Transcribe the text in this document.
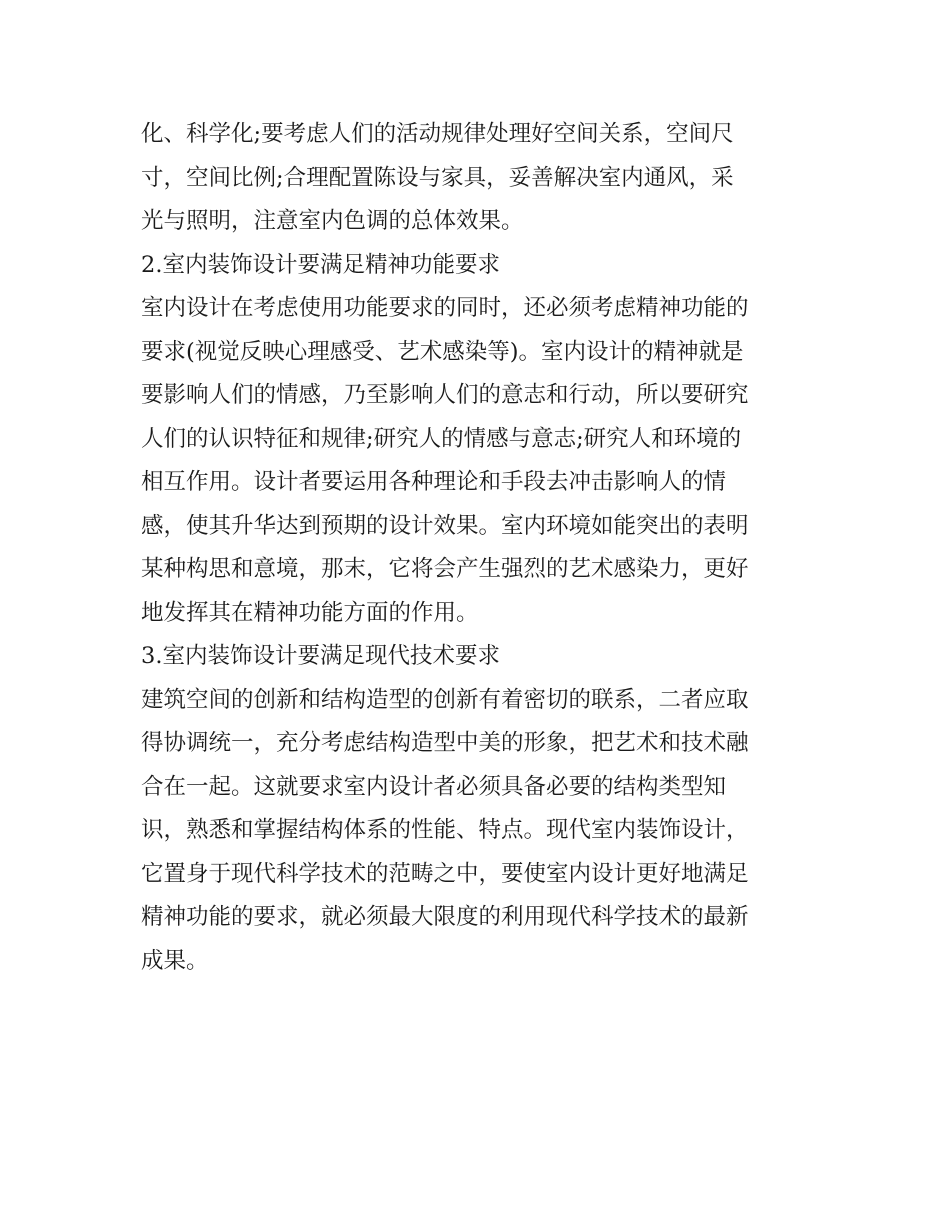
化、科学化;要考虑人们的活动规律处理好空间关系，空间尺
寸，空间比例;合理配置陈设与家具，妥善解决室内通风，采
光与照明，注意室内色调的总体效果。
2.室内装饰设计要满足精神功能要求
室内设计在考虑使用功能要求的同时，还必须考虑精神功能的
要求(视觉反映心理感受、艺术感染等)。室内设计的精神就是
要影响人们的情感，乃至影响人们的意志和行动，所以要研究
人们的认识特征和规律;研究人的情感与意志;研究人和环境的
相互作用。设计者要运用各种理论和手段去冲击影响人的情
感，使其升华达到预期的设计效果。室内环境如能突出的表明
某种构思和意境，那末，它将会产生强烈的艺术感染力，更好
地发挥其在精神功能方面的作用。
3.室内装饰设计要满足现代技术要求
建筑空间的创新和结构造型的创新有着密切的联系，二者应取
得协调统一，充分考虑结构造型中美的形象，把艺术和技术融
合在一起。这就要求室内设计者必须具备必要的结构类型知
识，熟悉和掌握结构体系的性能、特点。现代室内装饰设计，
它置身于现代科学技术的范畴之中，要使室内设计更好地满足
精神功能的要求，就必须最大限度的利用现代科学技术的最新
成果。
